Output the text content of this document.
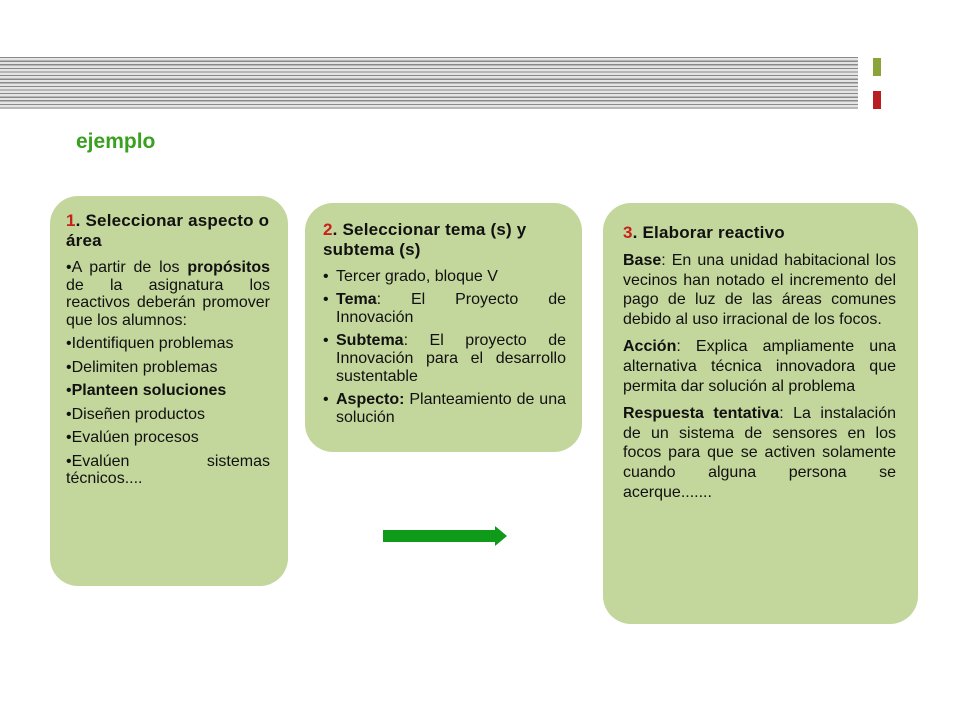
ejemplo
1. Seleccionar aspecto o área

•A partir de los propósitos de la asignatura los reactivos deberán promover que los alumnos:

•Identifiquen problemas

•Delimiten problemas

•Planteen soluciones

•Diseñen productos

•Evalúen procesos

•Evalúen sistemas técnicos....

2. Seleccionar tema (s) y subtema (s)
• Tercer grado, bloque V
• Tema: El Proyecto de Innovación
• Subtema: El proyecto de Innovación para el desarrollo sustentable
• Aspecto: Planteamiento de una solución
3. Elaborar reactivo

Base: En una unidad habitacional los vecinos han notado el incremento del pago de luz de las áreas comunes debido al uso irracional de los focos.

Acción: Explica ampliamente una alternativa técnica innovadora que permita dar solución al problema

Respuesta tentativa: La instalación de un sistema de sensores en los focos para que se activen solamente cuando alguna persona se acerque.......
